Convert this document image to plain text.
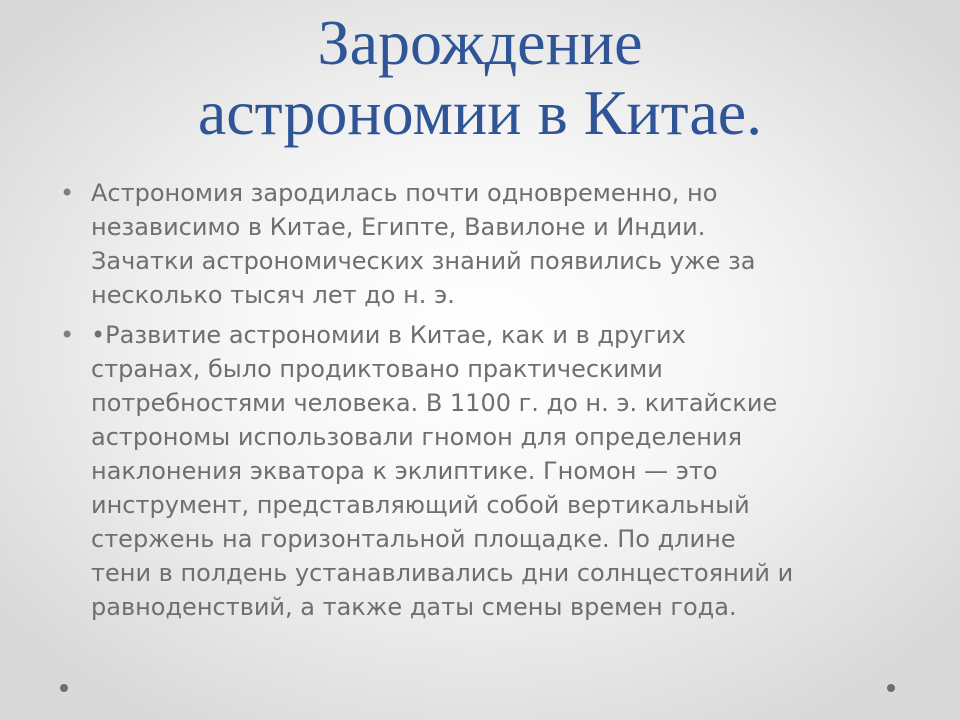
Зарождение
астрономии в Китае.
• Астрономия зародилась почти одновременно, но
независимо в Китае, Египте, Вавилоне и Индии.
Зачатки астрономических знаний появились уже за
несколько тысяч лет до н. э.
• •Развитие астрономии в Китае, как и в других
странах, было продиктовано практическими
потребностями человека. В 1100 г. до н. э. китайские
астрономы использовали гномон для определения
наклонения экватора к эклиптике. Гномон — это
инструмент, представляющий собой вертикальный
стержень на горизонтальной площадке. По длине
тени в полдень устанавливались дни солнцестояний и
равноденствий, а также даты смены времен года.
